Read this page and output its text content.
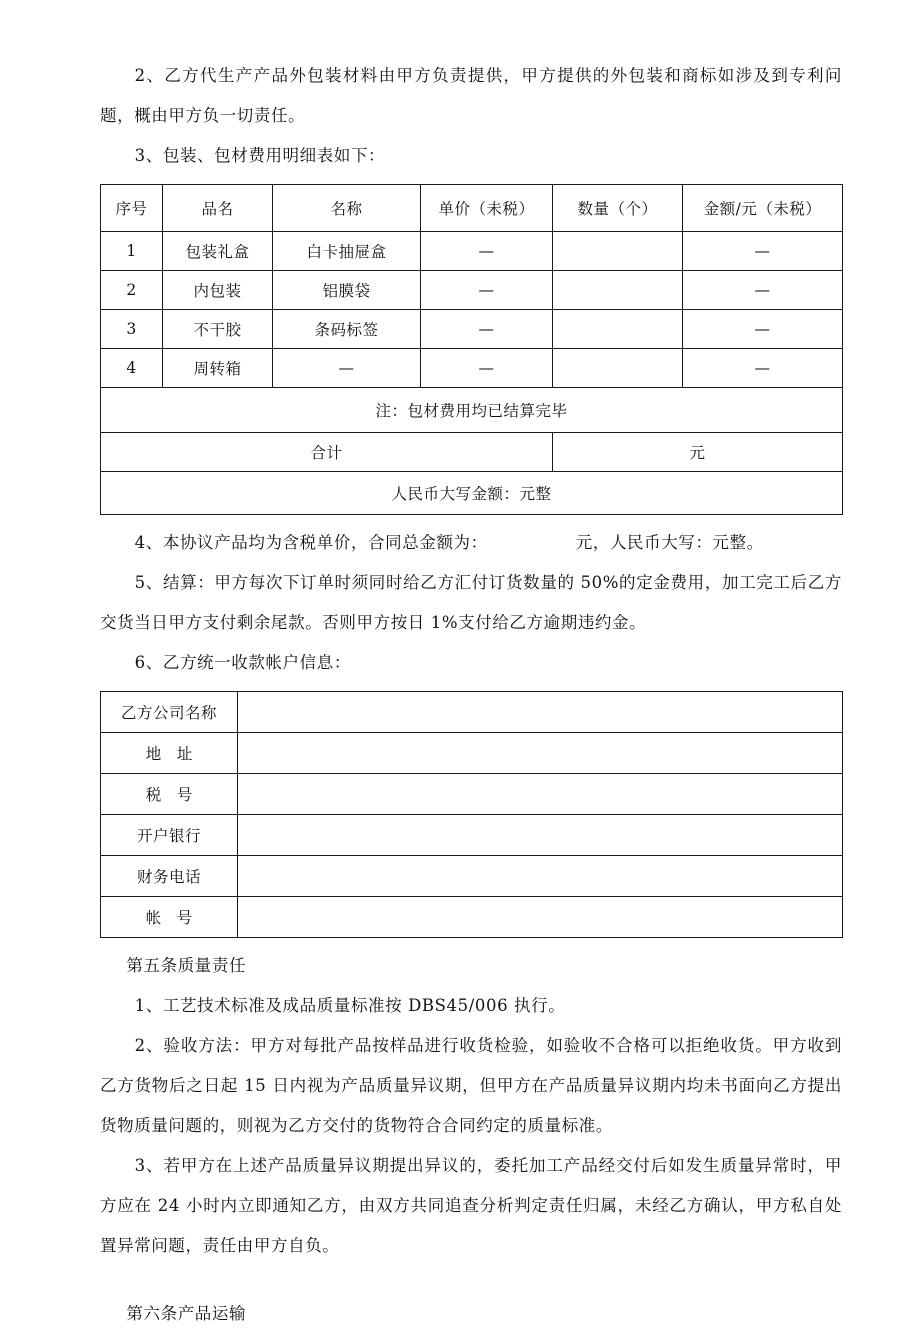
2、乙方代生产产品外包装材料由甲方负责提供，甲方提供的外包装和商标如涉及到专利问题，概由甲方负一切责任。

3、包装、包材费用明细表如下：

序号	品名	名称	单价（未税）	数量（个）	金额/元（未税）
1	包装礼盒	白卡抽屉盒	—		—
2	内包装	铝膜袋	—		—
3	不干胶	条码标签	—		—
4	周转箱	—	—		—
注：包材费用均已结算完毕					
合计				元	
人民币大写金额：元整					

4、本协议产品均为含税单价，合同总金额为：	元，人民币大写：元整。

5、结算：甲方每次下订单时须同时给乙方汇付订货数量的 50%的定金费用，加工完工后乙方交货当日甲方支付剩余尾款。否则甲方按日 1%支付给乙方逾期违约金。

6、乙方统一收款帐户信息：

乙方公司名称	
地址	
税号	
开户银行	
财务电话	
帐号	

第五条质量责任

1、工艺技术标准及成品质量标准按 DBS45/006 执行。

2、验收方法：甲方对每批产品按样品进行收货检验，如验收不合格可以拒绝收货。甲方收到乙方货物后之日起 15 日内视为产品质量异议期，但甲方在产品质量异议期内均未书面向乙方提出货物质量问题的，则视为乙方交付的货物符合合同约定的质量标准。

3、若甲方在上述产品质量异议期提出异议的，委托加工产品经交付后如发生质量异常时，甲方应在 24 小时内立即通知乙方，由双方共同追查分析判定责任归属，未经乙方确认，甲方私自处置异常问题，责任由甲方自负。

第六条产品运输
